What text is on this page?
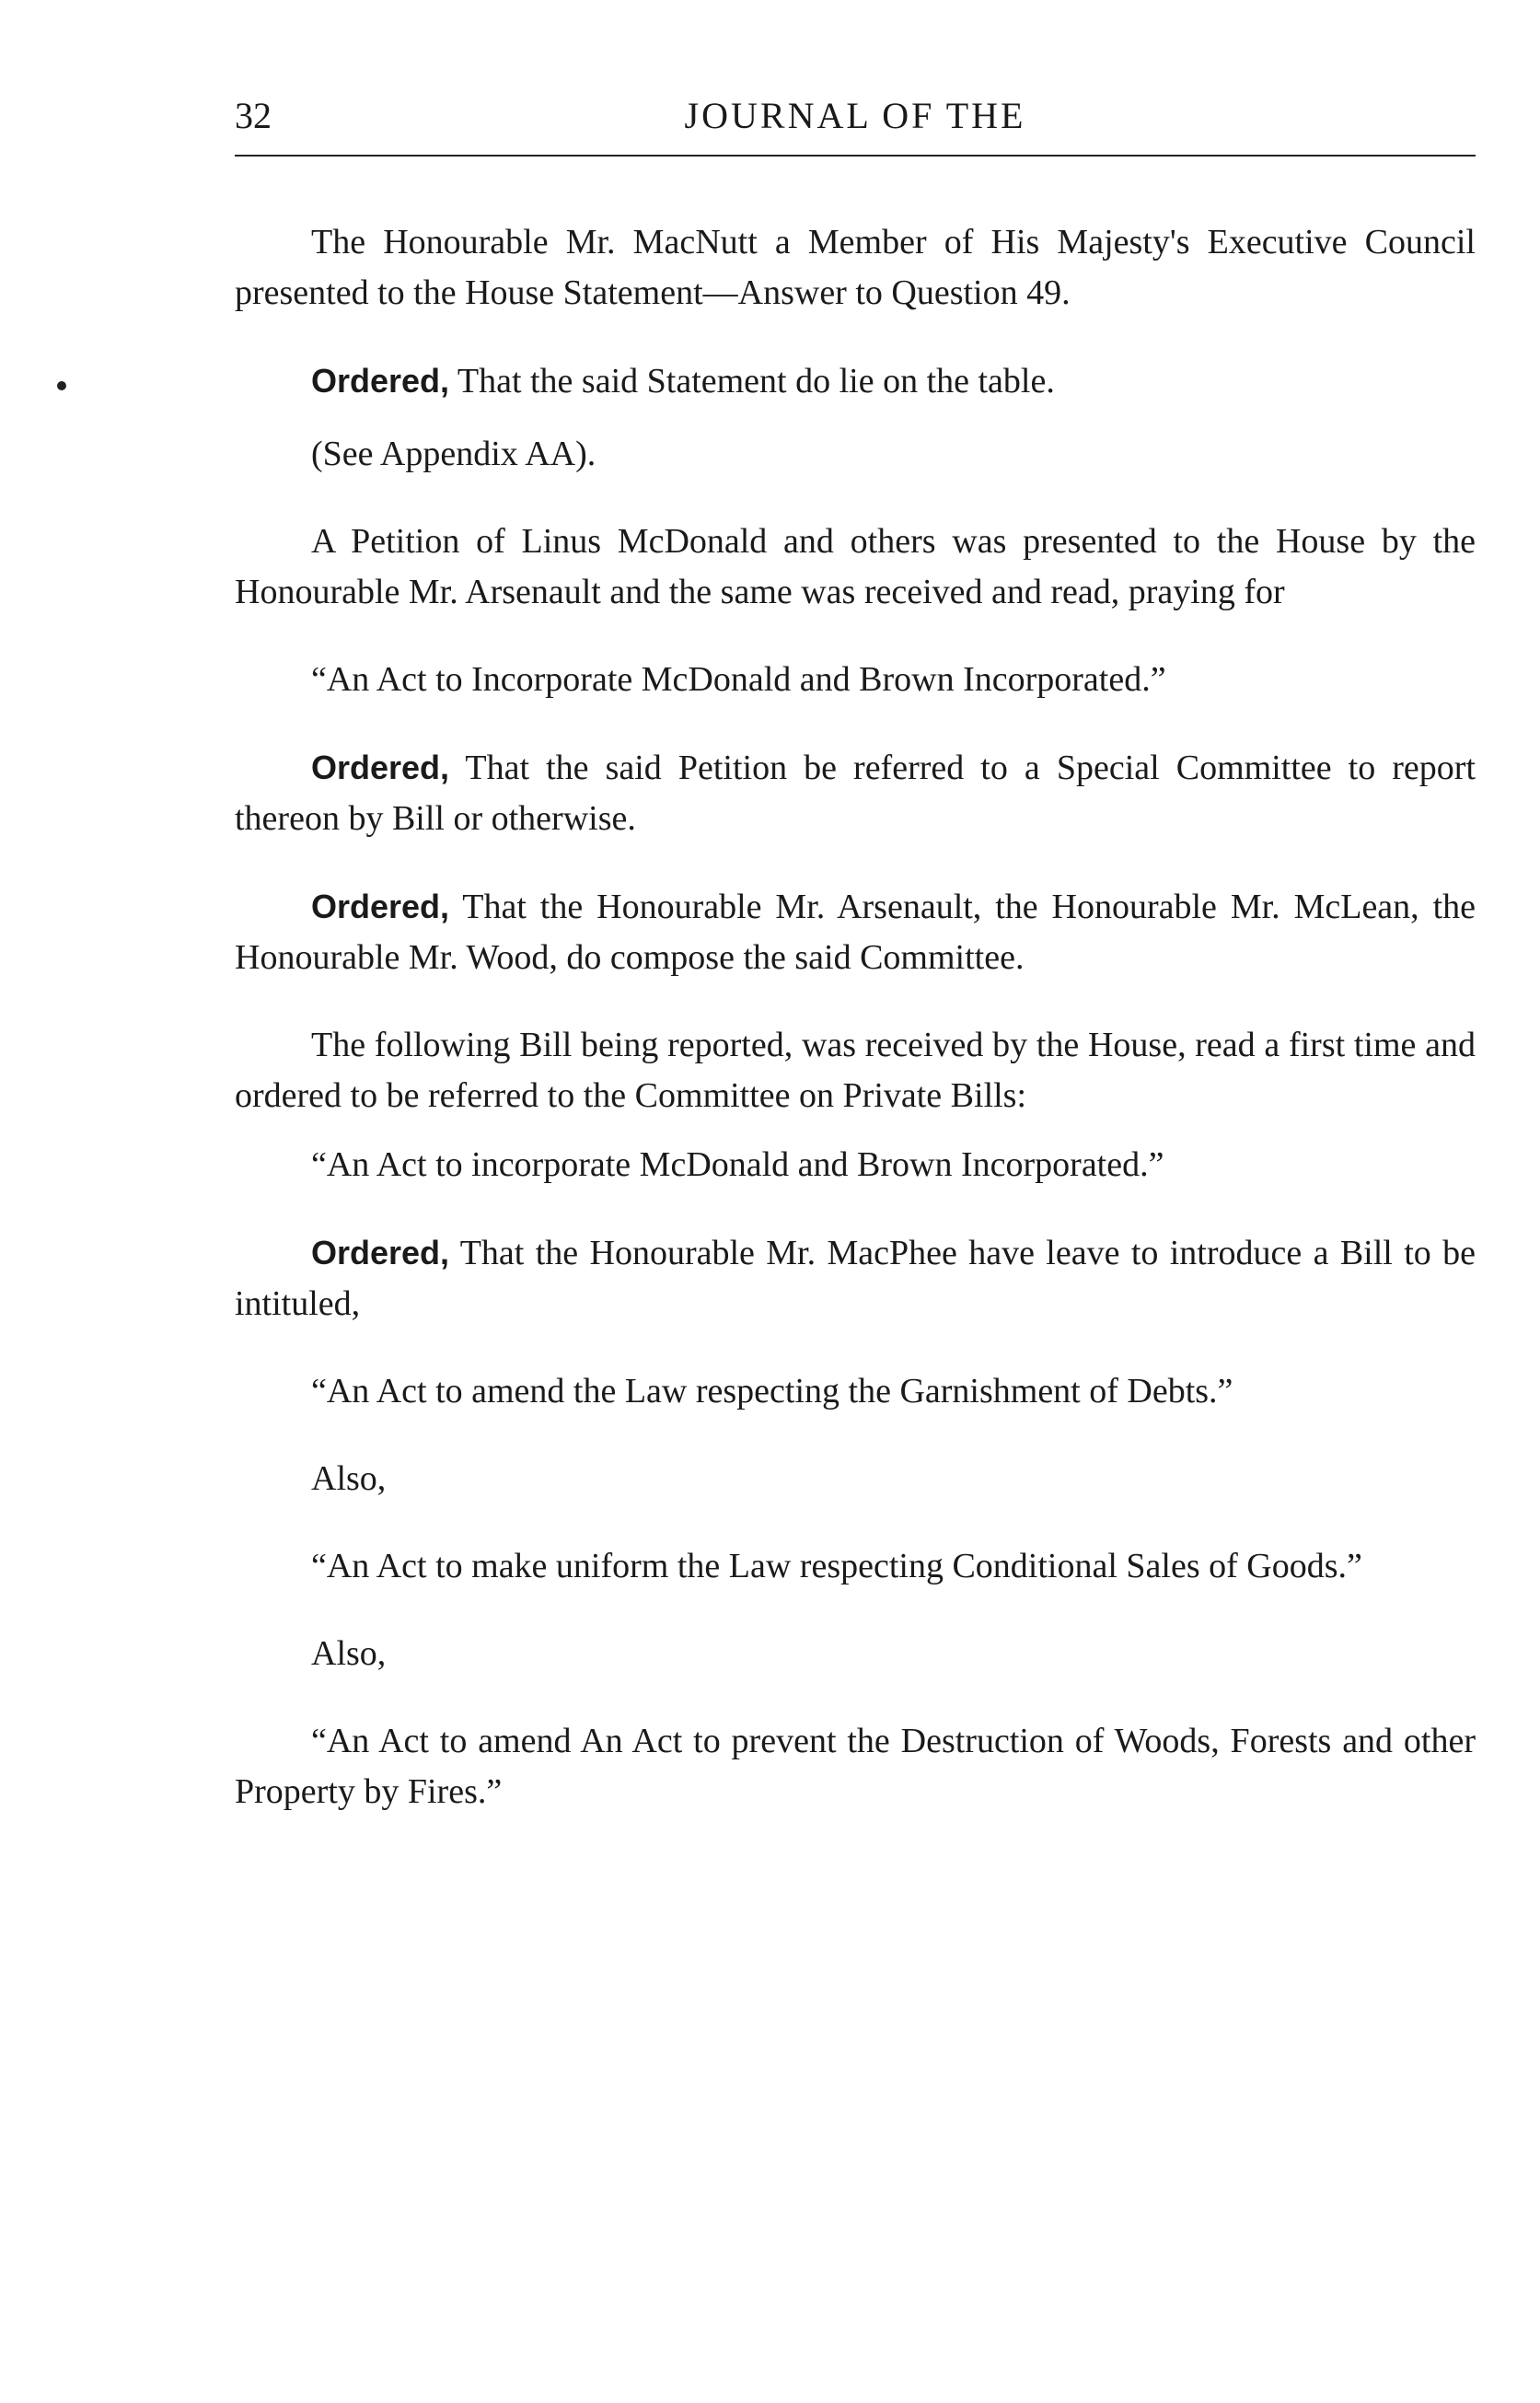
32	JOURNAL OF THE

The Honourable Mr. MacNutt a Member of His Majesty's Executive Council presented to the House Statement—Answer to Question 49.

Ordered, That the said Statement do lie on the table.

(See Appendix AA).

A Petition of Linus McDonald and others was presented to the House by the Honourable Mr. Arsenault and the same was received and read, praying for

“An Act to Incorporate McDonald and Brown Incorporated.”

Ordered, That the said Petition be referred to a Special Committee to report thereon by Bill or otherwise.

Ordered, That the Honourable Mr. Arsenault, the Honourable Mr. McLean, the Honourable Mr. Wood, do compose the said Committee.

The following Bill being reported, was received by the House, read a first time and ordered to be referred to the Committee on Private Bills:

“An Act to incorporate McDonald and Brown Incorporated.”

Ordered, That the Honourable Mr. MacPhee have leave to introduce a Bill to be intituled,

“An Act to amend the Law respecting the Garnishment of Debts.”

Also,

“An Act to make uniform the Law respecting Conditional Sales of Goods.”

Also,

“An Act to amend An Act to prevent the Destruction of Woods, Forests and other Property by Fires.”
